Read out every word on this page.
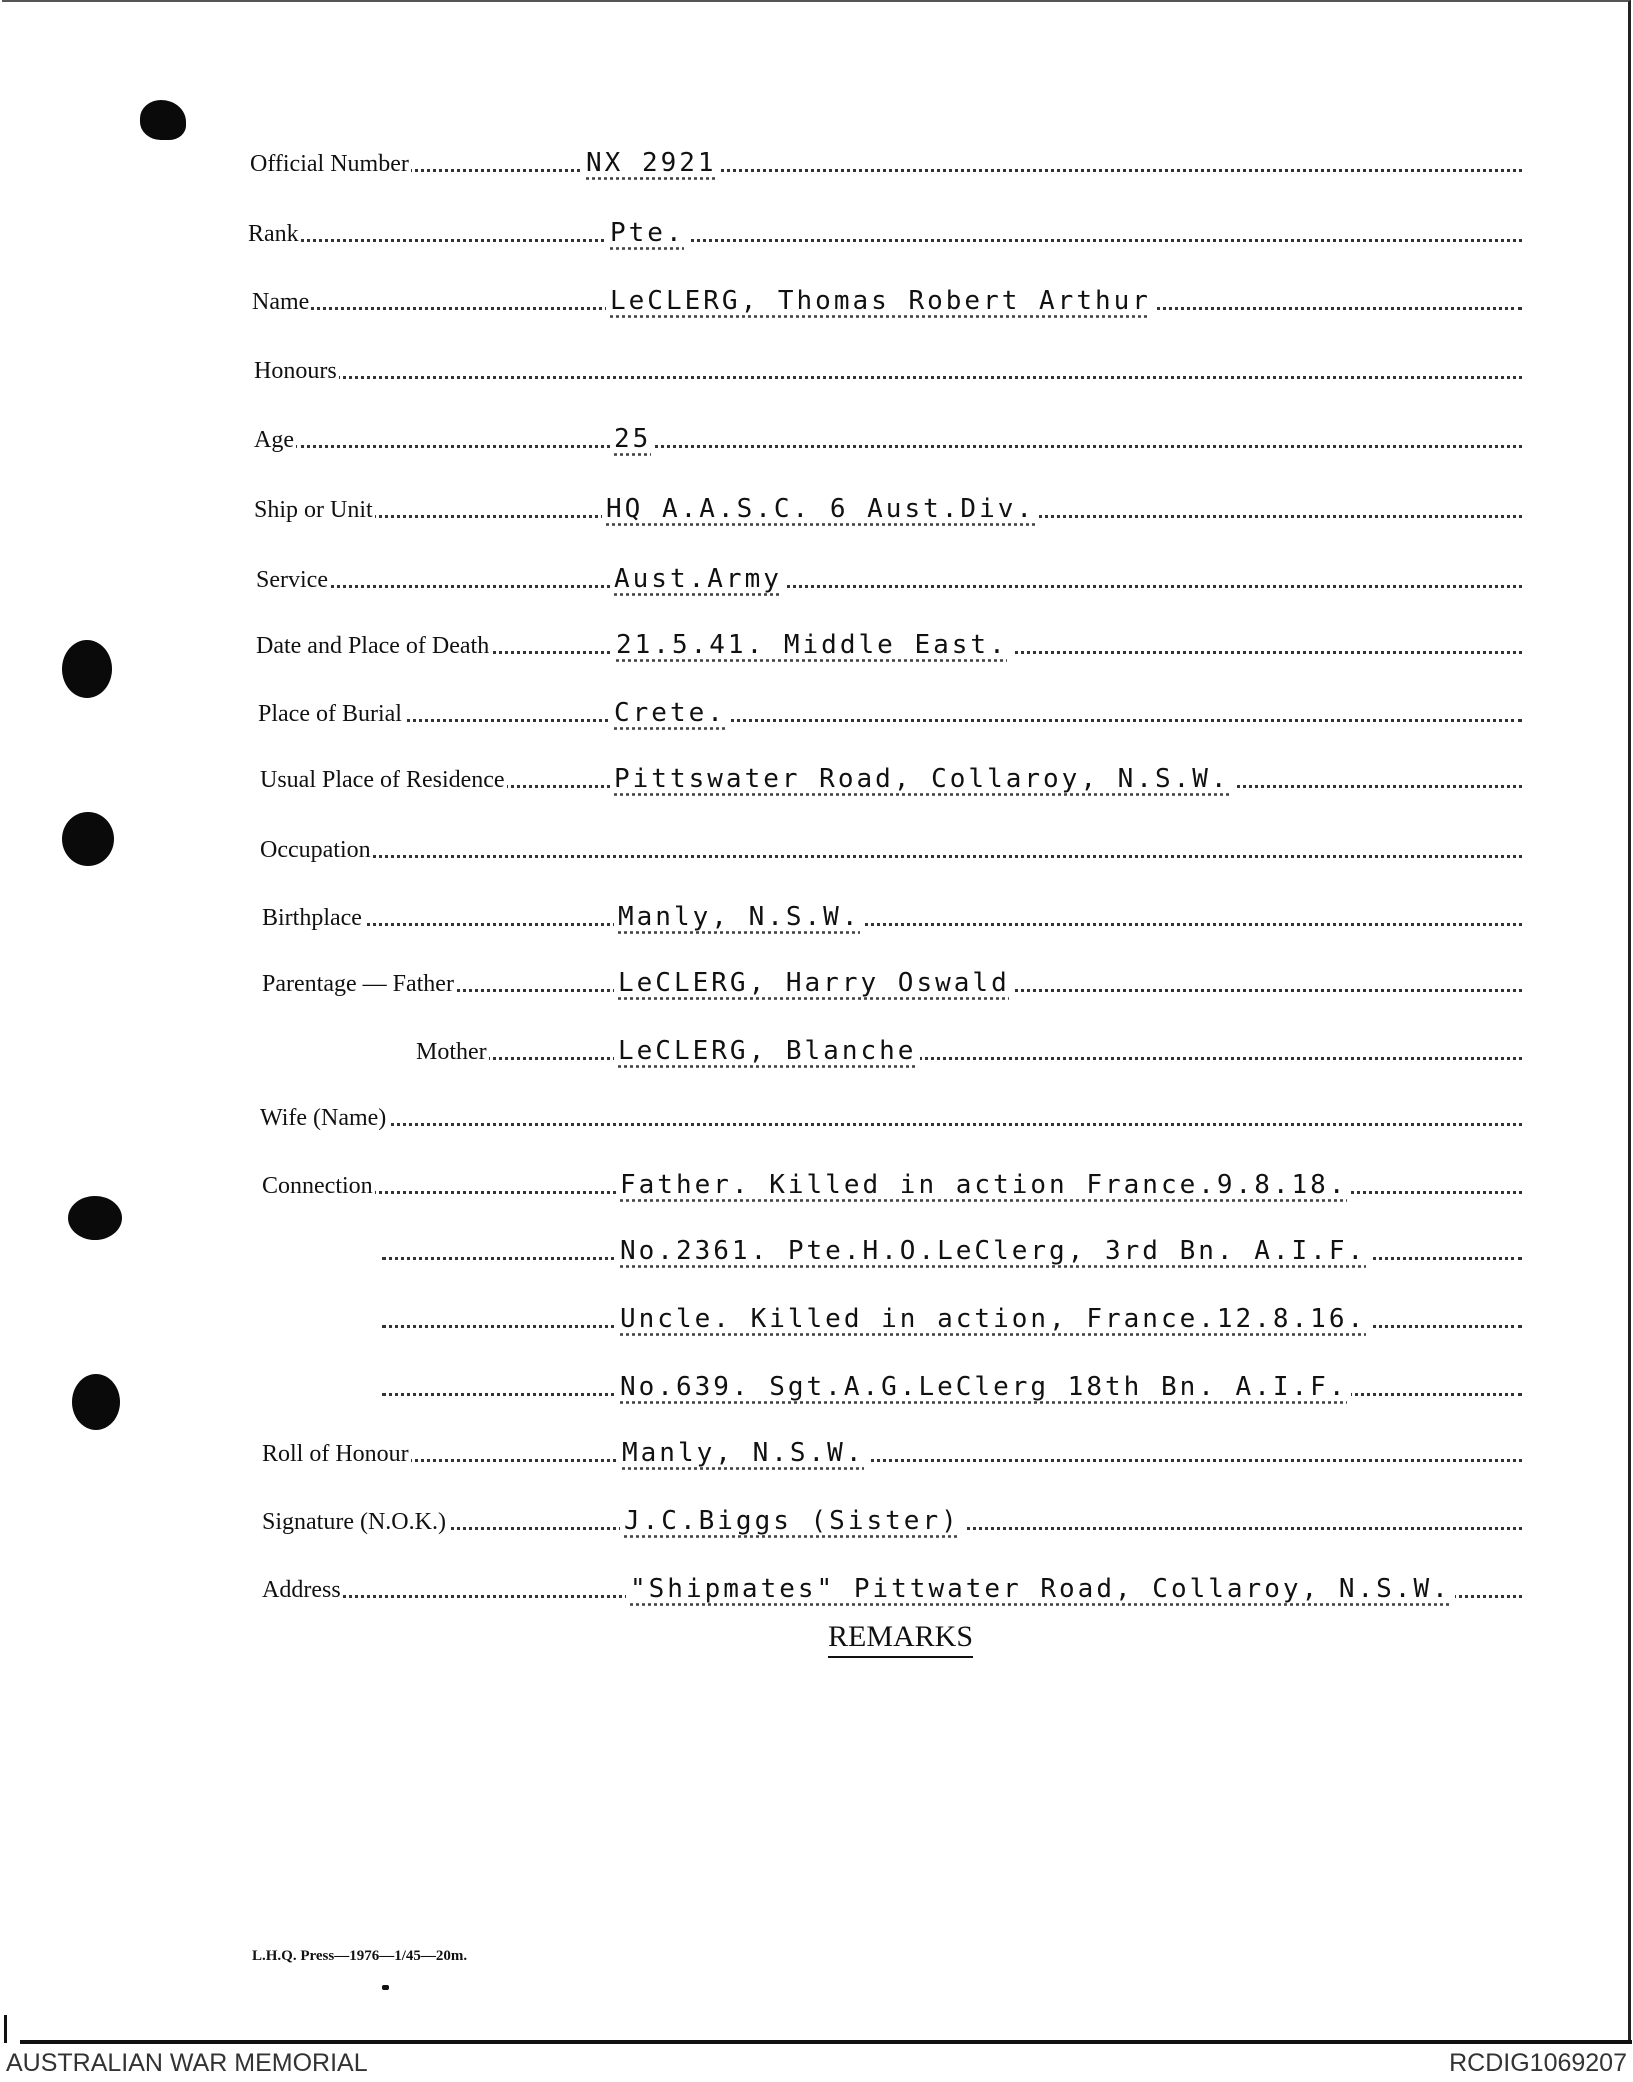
Official Number	NX 2921
Rank	Pte.
Name	LeCLERG, Thomas Robert Arthur
Honours
Age	25
Ship or Unit	HQ A.A.S.C. 6 Aust.Div.
Service	Aust.Army
Date and Place of Death	21.5.41. Middle East.
Place of Burial	Crete.
Usual Place of Residence	Pittswater Road, Collaroy, N.S.W.
Occupation
Birthplace	Manly, N.S.W.
Parentage — Father	LeCLERG, Harry Oswald
Mother	LeCLERG, Blanche
Wife (Name)
Connection	Father. Killed in action France.9.8.18.
No.2361. Pte.H.O.LeClerg, 3rd Bn. A.I.F.
Uncle. Killed in action, France.12.8.16.
No.639. Sgt.A.G.LeClerg 18th Bn. A.I.F.
Roll of Honour	Manly, N.S.W.
Signature (N.O.K.)	J.C.Biggs (Sister)
Address	"Shipmates" Pittwater Road, Collaroy, N.S.W.
REMARKS
L.H.Q. Press—1976—1/45—20m.
AUSTRALIAN WAR MEMORIAL	RCDIG1069207
